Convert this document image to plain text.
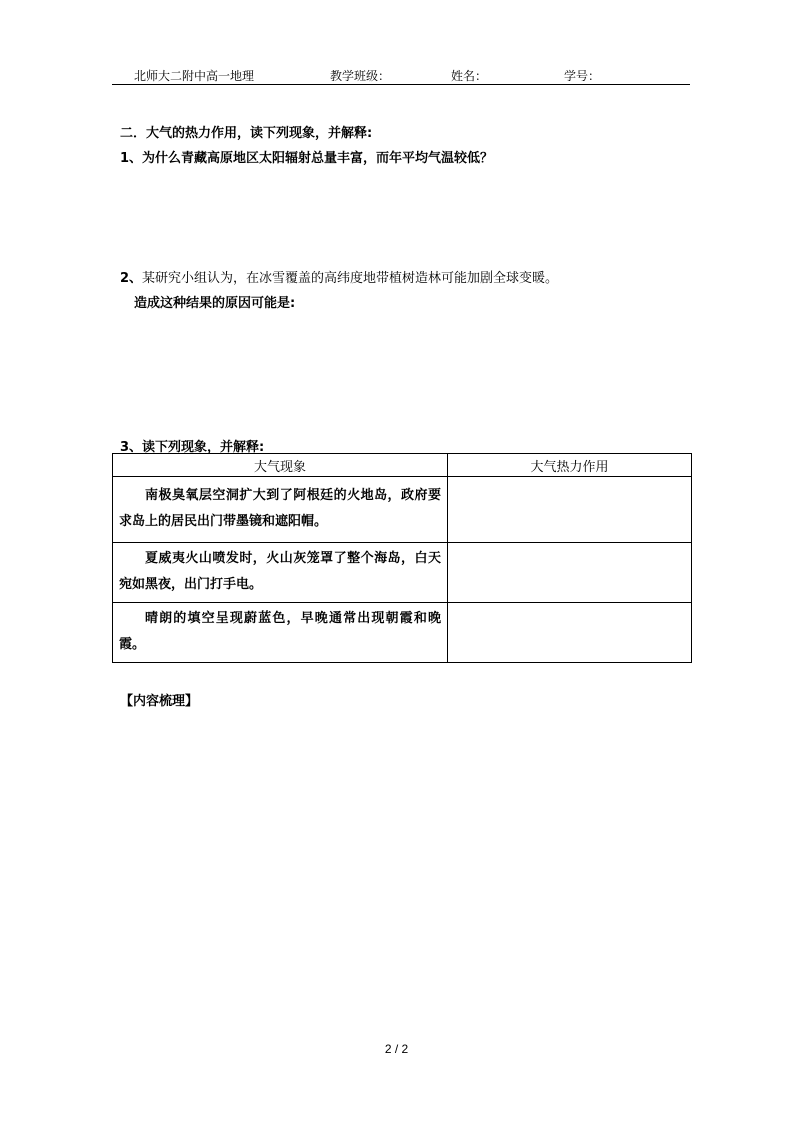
北师大二附中高一地理	教学班级：	姓名：	学号：
二．大气的热力作用，读下列现象，并解释:
1、为什么青藏高原地区太阳辐射总量丰富，而年平均气温较低？
2、某研究小组认为，在冰雪覆盖的高纬度地带植树造林可能加剧全球变暖。
造成这种结果的原因可能是:
3、读下列现象，并解释:
大气现象	大气热力作用
南极臭氧层空洞扩大到了阿根廷的火地岛，政府要求岛上的居民出门带墨镜和遮阳帽。	
夏威夷火山喷发时，火山灰笼罩了整个海岛，白天宛如黑夜，出门打手电。	
晴朗的填空呈现蔚蓝色，早晚通常出现朝霞和晚霞。	
【内容梳理】
2 / 2
